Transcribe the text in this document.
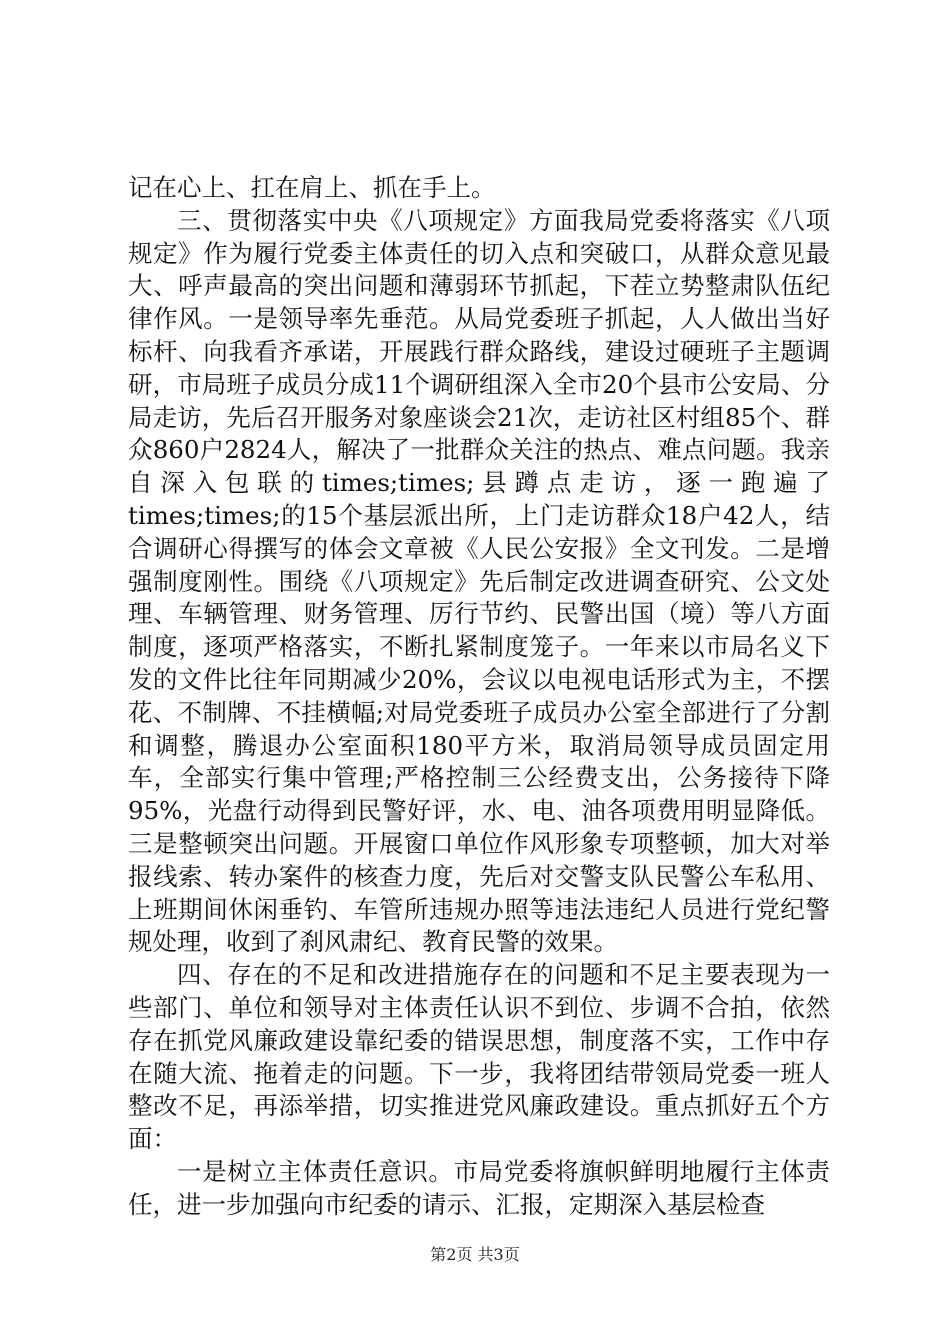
记在心上、扛在肩上、抓在手上。

三、贯彻落实中央《八项规定》方面我局党委将落实《八项规定》作为履行党委主体责任的切入点和突破口，从群众意见最大、呼声最高的突出问题和薄弱环节抓起，下茬立势整肃队伍纪律作风。一是领导率先垂范。从局党委班子抓起，人人做出当好标杆、向我看齐承诺，开展践行群众路线，建设过硬班子主题调研，市局班子成员分成11个调研组深入全市20个县市公安局、分局走访，先后召开服务对象座谈会21次，走访社区村组85个、群众860户2824人，解决了一批群众关注的热点、难点问题。我亲自深入包联的times;times;县蹲点走访，逐一跑遍了times;times;的15个基层派出所，上门走访群众18户42人，结合调研心得撰写的体会文章被《人民公安报》全文刊发。二是增强制度刚性。围绕《八项规定》先后制定改进调查研究、公文处理、车辆管理、财务管理、厉行节约、民警出国（境）等八方面制度，逐项严格落实，不断扎紧制度笼子。一年来以市局名义下发的文件比往年同期减少20%，会议以电视电话形式为主，不摆花、不制牌、不挂横幅;对局党委班子成员办公室全部进行了分割和调整，腾退办公室面积180平方米，取消局领导成员固定用车，全部实行集中管理;严格控制三公经费支出，公务接待下降95%，光盘行动得到民警好评，水、电、油各项费用明显降低。三是整顿突出问题。开展窗口单位作风形象专项整顿，加大对举报线索、转办案件的核查力度，先后对交警支队民警公车私用、上班期间休闲垂钓、车管所违规办照等违法违纪人员进行党纪警规处理，收到了刹风肃纪、教育民警的效果。

四、存在的不足和改进措施存在的问题和不足主要表现为一些部门、单位和领导对主体责任认识不到位、步调不合拍，依然存在抓党风廉政建设靠纪委的错误思想，制度落不实，工作中存在随大流、拖着走的问题。下一步，我将团结带领局党委一班人整改不足，再添举措，切实推进党风廉政建设。重点抓好五个方面：

一是树立主体责任意识。市局党委将旗帜鲜明地履行主体责任，进一步加强向市纪委的请示、汇报，定期深入基层检查

第2页 共3页
